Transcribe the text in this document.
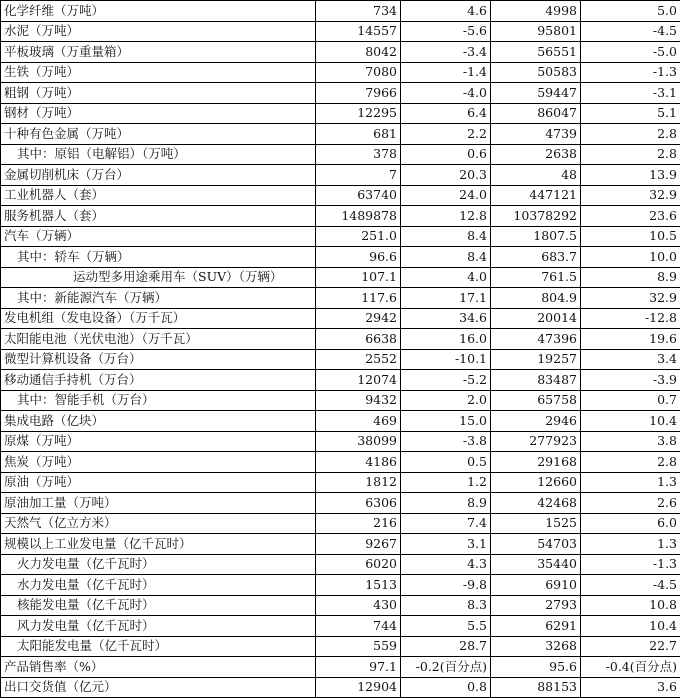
化学纤维（万吨）	734	4.6	4998	5.0
水泥（万吨）	14557	-5.6	95801	-4.5
平板玻璃（万重量箱）	8042	-3.4	56551	-5.0
生铁（万吨）	7080	-1.4	50583	-1.3
粗钢（万吨）	7966	-4.0	59447	-3.1
钢材（万吨）	12295	6.4	86047	5.1
十种有色金属（万吨）	681	2.2	4739	2.8
其中：原铝（电解铝）（万吨）	378	0.6	2638	2.8
金属切削机床（万台）	7	20.3	48	13.9
工业机器人（套）	63740	24.0	447121	32.9
服务机器人（套）	1489878	12.8	10378292	23.6
汽车（万辆）	251.0	8.4	1807.5	10.5
其中：轿车（万辆）	96.6	8.4	683.7	10.0
运动型多用途乘用车（SUV）（万辆）	107.1	4.0	761.5	8.9
其中：新能源汽车（万辆）	117.6	17.1	804.9	32.9
发电机组（发电设备）（万千瓦）	2942	34.6	20014	-12.8
太阳能电池（光伏电池）（万千瓦）	6638	16.0	47396	19.6
微型计算机设备（万台）	2552	-10.1	19257	3.4
移动通信手持机（万台）	12074	-5.2	83487	-3.9
其中：智能手机（万台）	9432	2.0	65758	0.7
集成电路（亿块）	469	15.0	2946	10.4
原煤（万吨）	38099	-3.8	277923	3.8
焦炭（万吨）	4186	0.5	29168	2.8
原油（万吨）	1812	1.2	12660	1.3
原油加工量（万吨）	6306	8.9	42468	2.6
天然气（亿立方米）	216	7.4	1525	6.0
规模以上工业发电量（亿千瓦时）	9267	3.1	54703	1.3
火力发电量（亿千瓦时）	6020	4.3	35440	-1.3
水力发电量（亿千瓦时）	1513	-9.8	6910	-4.5
核能发电量（亿千瓦时）	430	8.3	2793	10.8
风力发电量（亿千瓦时）	744	5.5	6291	10.4
太阳能发电量（亿千瓦时）	559	28.7	3268	22.7
产品销售率（%）	97.1	-0.2(百分点)	95.6	-0.4(百分点)
出口交货值（亿元）	12904	0.8	88153	3.6
